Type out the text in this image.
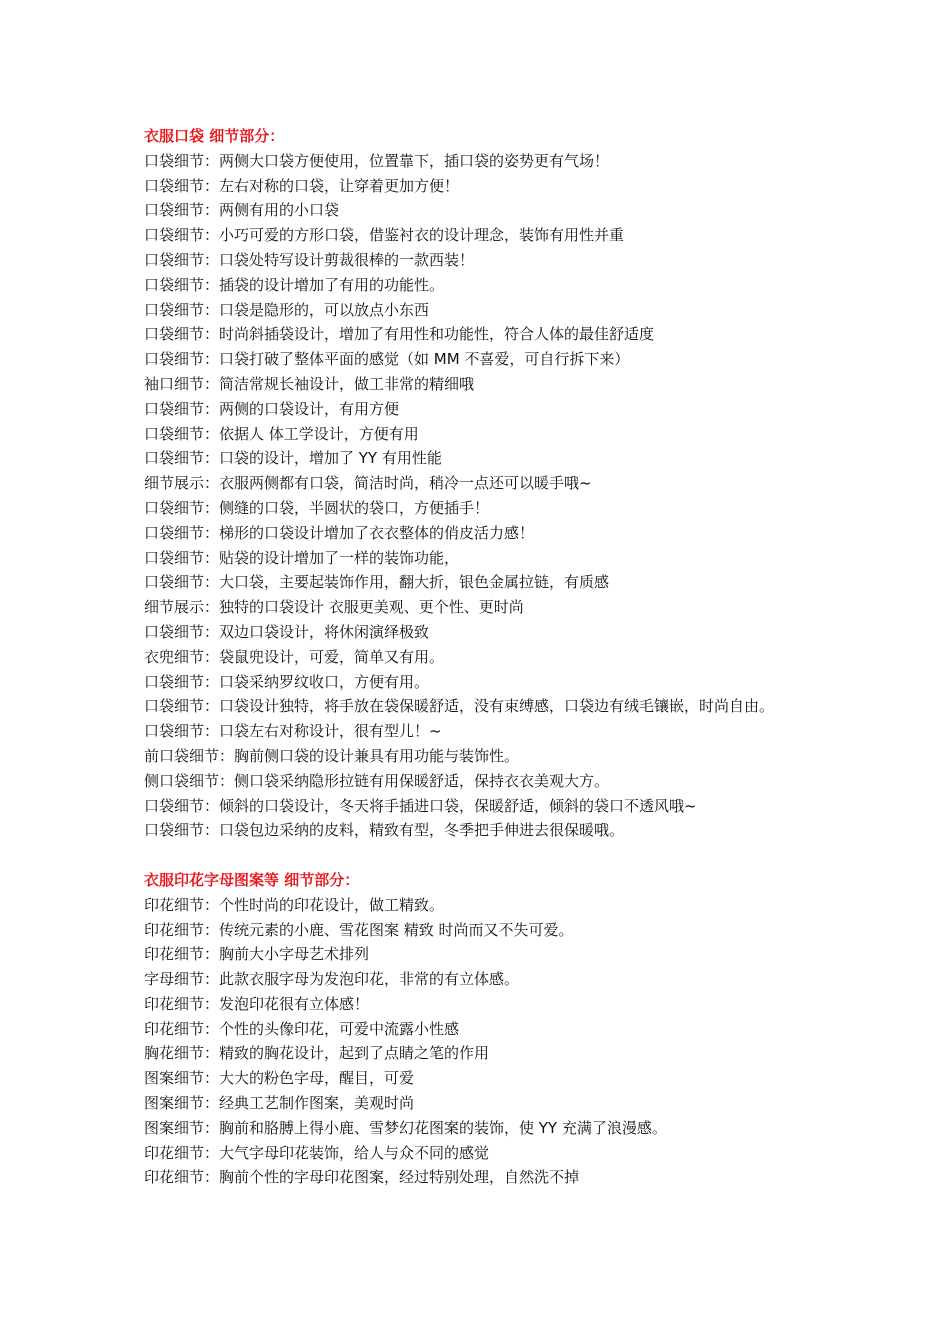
衣服口袋 细节部分：

口袋细节：两侧大口袋方便使用，位置靠下，插口袋的姿势更有气场！

口袋细节：左右对称的口袋，让穿着更加方便！

口袋细节：两侧有用的小口袋

口袋细节：小巧可爱的方形口袋，借鉴衬衣的设计理念，装饰有用性并重

口袋细节：口袋处特写设计剪裁很棒的一款西装！

口袋细节：插袋的设计增加了有用的功能性。

口袋细节：口袋是隐形的，可以放点小东西

口袋细节：时尚斜插袋设计，增加了有用性和功能性，符合人体的最佳舒适度

口袋细节：口袋打破了整体平面的感觉（如 MM 不喜爱，可自行拆下来）

袖口细节：简洁常规长袖设计，做工非常的精细哦

口袋细节：两侧的口袋设计，有用方便

口袋细节：依据人 体工学设计，方便有用

口袋细节：口袋的设计，增加了 YY 有用性能

细节展示：衣服两侧都有口袋，简洁时尚，稍冷一点还可以暖手哦~

口袋细节：侧缝的口袋，半圆状的袋口，方便插手！

口袋细节：梯形的口袋设计增加了衣衣整体的俏皮活力感！

口袋细节：贴袋的设计增加了一样的装饰功能，

口袋细节：大口袋，主要起装饰作用，翻大折，银色金属拉链，有质感

细节展示：独特的口袋设计 衣服更美观、更个性、更时尚

口袋细节：双边口袋设计，将休闲演绎极致

衣兜细节：袋鼠兜设计，可爱，简单又有用。

口袋细节：口袋采纳罗纹收口，方便有用。

口袋细节：口袋设计独特，将手放在袋保暖舒适，没有束缚感，口袋边有绒毛镶嵌，时尚自由。

口袋细节：口袋左右对称设计，很有型儿！~

前口袋细节：胸前侧口袋的设计兼具有用功能与装饰性。

侧口袋细节：侧口袋采纳隐形拉链有用保暖舒适，保持衣衣美观大方。

口袋细节：倾斜的口袋设计，冬天将手插进口袋，保暖舒适，倾斜的袋口不透风哦~

口袋细节：口袋包边采纳的皮料，精致有型，冬季把手伸进去很保暖哦。

衣服印花字母图案等 细节部分：

印花细节：个性时尚的印花设计，做工精致。

印花细节：传统元素的小鹿、雪花图案 精致 时尚而又不失可爱。

印花细节：胸前大小字母艺术排列

字母细节：此款衣服字母为发泡印花，非常的有立体感。

印花细节：发泡印花很有立体感！

印花细节：个性的头像印花，可爱中流露小性感

胸花细节：精致的胸花设计，起到了点睛之笔的作用

图案细节：大大的粉色字母，醒目，可爱

图案细节：经典工艺制作图案，美观时尚

图案细节：胸前和胳膊上得小鹿、雪梦幻花图案的装饰，使 YY 充满了浪漫感。

印花细节：大气字母印花装饰，给人与众不同的感觉

印花细节：胸前个性的字母印花图案，经过特别处理，自然洗不掉
